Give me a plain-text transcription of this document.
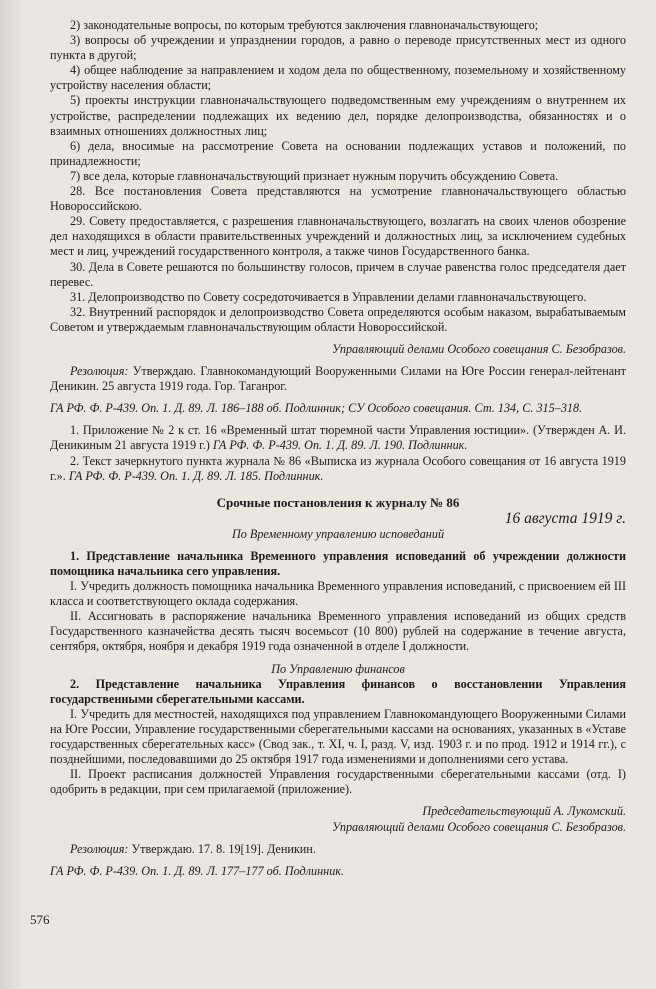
2) законодательные вопросы, по которым требуются заключения главноначальствующего;

3) вопросы об учреждении и упразднении городов, а равно о переводе присутственных мест из одного пункта в другой;

4) общее наблюдение за направлением и ходом дела по общественному, поземельному и хозяйственному устройству населения области;

5) проекты инструкции главноначальствующего подведомственным ему учреждениям о внутреннем их устройстве, распределении подлежащих их ведению дел, порядке делопроизводства, обязанностях и о взаимных отношениях должностных лиц;

6) дела, вносимые на рассмотрение Совета на основании подлежащих уставов и положений, по принадлежности;

7) все дела, которые главноначальствующий признает нужным поручить обсуждению Совета.

28. Все постановления Совета представляются на усмотрение главноначальствующего областью Новороссийскою.

29. Совету предоставляется, с разрешения главноначальствующего, возлагать на своих членов обозрение дел находящихся в области правительственных учреждений и должностных лиц, за исключением судебных мест и лиц, учреждений государственного контроля, а также чинов Государственного банка.

30. Дела в Совете решаются по большинству голосов, причем в случае равенства голос председателя дает перевес.

31. Делопроизводство по Совету сосредоточивается в Управлении делами главноначальствующего.

32. Внутренний распорядок и делопроизводство Совета определяются особым наказом, вырабатываемым Советом и утверждаемым главноначальствующим области Новороссийской.

Управляющий делами Особого совещания С. Безобразов.

Резолюция: Утверждаю. Главнокомандующий Вооруженными Силами на Юге России генерал-лейтенант Деникин. 25 августа 1919 года. Гор. Таганрог.

ГА РФ. Ф. Р-439. Оп. 1. Д. 89. Л. 186–188 об. Подлинник; СУ Особого совещания. Ст. 134, С. 315–318.

1. Приложение № 2 к ст. 16 «Временный штат тюремной части Управления юстиции». (Утвержден А. И. Деникиным 21 августа 1919 г.) ГА РФ. Ф. Р-439. Оп. 1. Д. 89. Л. 190. Подлинник.

2. Текст зачеркнутого пункта журнала № 86 «Выписка из журнала Особого совещания от 16 августа 1919 г.». ГА РФ. Ф. Р-439. Оп. 1. Д. 89. Л. 185. Подлинник.

Срочные постановления к журналу № 86

16 августа 1919 г.

По Временному управлению исповеданий

1. Представление начальника Временного управления исповеданий об учреждении должности помощника начальника сего управления.

I. Учредить должность помощника начальника Временного управления исповеданий, с присвоением ей III класса и соответствующего оклада содержания.

II. Ассигновать в распоряжение начальника Временного управления исповеданий из общих средств Государственного казначейства десять тысяч восемьсот (10 800) рублей на содержание в течение августа, сентября, октября, ноября и декабря 1919 года означенной в отделе I должности.

По Управлению финансов

2. Представление начальника Управления финансов о восстановлении Управления государственными сберегательными кассами.

I. Учредить для местностей, находящихся под управлением Главнокомандующего Вооруженными Силами на Юге России, Управление государственными сберегательными кассами на основаниях, указанных в «Уставе государственных сберегательных касс» (Свод зак., т. XI, ч. I, разд. V, изд. 1903 г. и по прод. 1912 и 1914 гг.), с позднейшими, последовавшими до 25 октября 1917 года изменениями и дополнениями сего устава.

II. Проект расписания должностей Управления государственными сберегательными кассами (отд. I) одобрить в редакции, при сем прилагаемой (приложение).

Председательствующий А. Лукомский.

Управляющий делами Особого совещания С. Безобразов.

Резолюция: Утверждаю. 17. 8. 19[19]. Деникин.

ГА РФ. Ф. Р-439. Оп. 1. Д. 89. Л. 177–177 об. Подлинник.

576
